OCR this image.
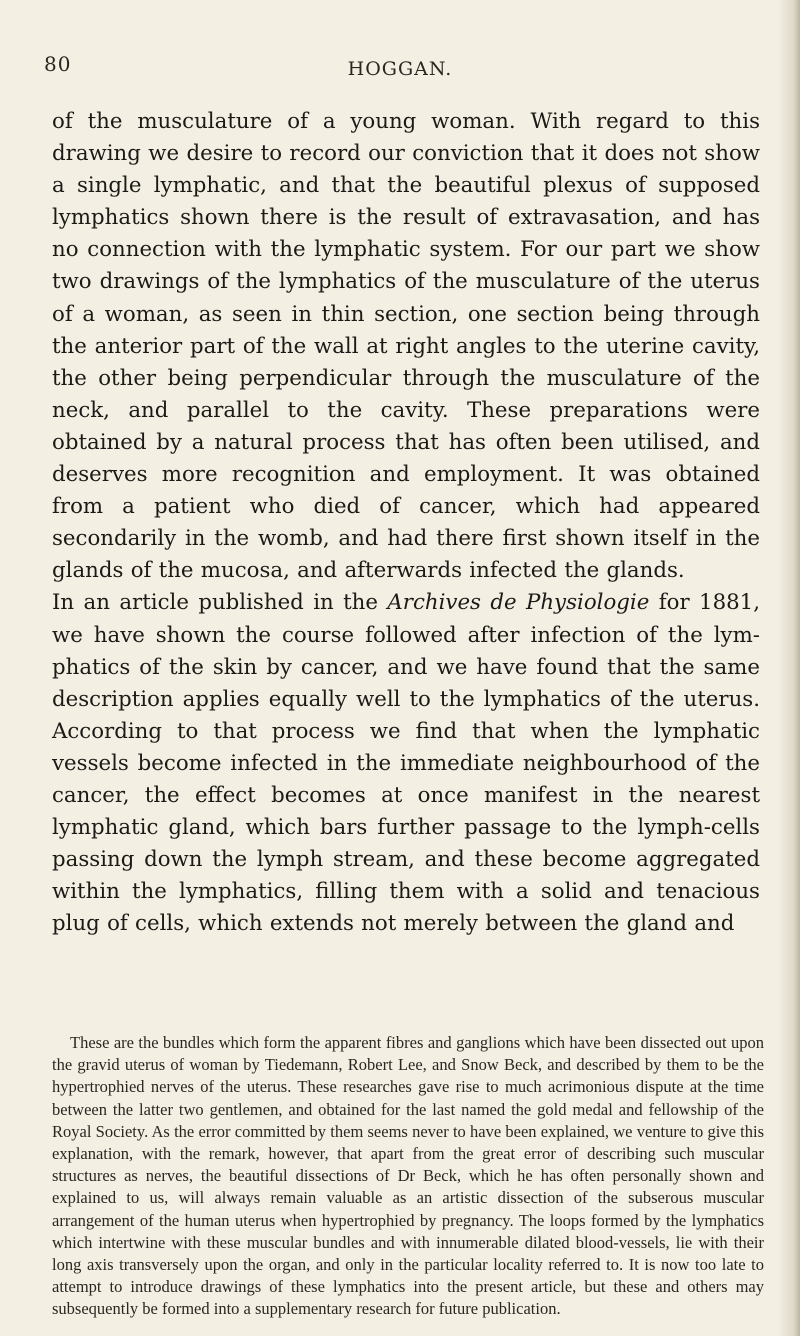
80	HOGGAN.

of the musculature of a young woman. With regard to this drawing we desire to record our conviction that it does not show a single lymphatic, and that the beautiful plexus of supposed lymphatics shown there is the result of extravasation, and has no connection with the lymphatic system. For our part we show two drawings of the lymphatics of the musculature of the uterus of a woman, as seen in thin section, one section being through the anterior part of the wall at right angles to the uterine cavity, the other being perpendicular through the musculature of the neck, and parallel to the cavity. These preparations were obtained by a natural process that has often been utilised, and deserves more recognition and employment. It was obtained from a patient who died of cancer, which had appeared secondarily in the womb, and had there first shown itself in the glands of the mucosa, and afterwards infected the glands.
In an article published in the Archives de Physiologie for 1881, we have shown the course followed after infection of the lymphatics of the skin by cancer, and we have found that the same description applies equally well to the lymphatics of the uterus. According to that process we find that when the lymphatic vessels become infected in the immediate neighbourhood of the cancer, the effect becomes at once manifest in the nearest lymphatic gland, which bars further passage to the lymph-cells passing down the lymph stream, and these become aggregated within the lymphatics, filling them with a solid and tenacious plug of cells, which extends not merely between the gland and

These are the bundles which form the apparent fibres and ganglions which have been dissected out upon the gravid uterus of woman by Tiedemann, Robert Lee, and Snow Beck, and described by them to be the hypertrophied nerves of the uterus. These researches gave rise to much acrimonious dispute at the time between the latter two gentlemen, and obtained for the last named the gold medal and fellowship of the Royal Society. As the error committed by them seems never to have been explained, we venture to give this explanation, with the remark, however, that apart from the great error of describing such muscular structures as nerves, the beautiful dissections of Dr Beck, which he has often personally shown and explained to us, will always remain valuable as an artistic dissection of the subserous muscular arrangement of the human uterus when hypertrophied by pregnancy. The loops formed by the lymphatics which intertwine with these muscular bundles and with innumerable dilated blood-vessels, lie with their long axis transversely upon the organ, and only in the particular locality referred to. It is now too late to attempt to introduce drawings of these lymphatics into the present article, but these and others may subsequently be formed into a supplementary research for future publication.
